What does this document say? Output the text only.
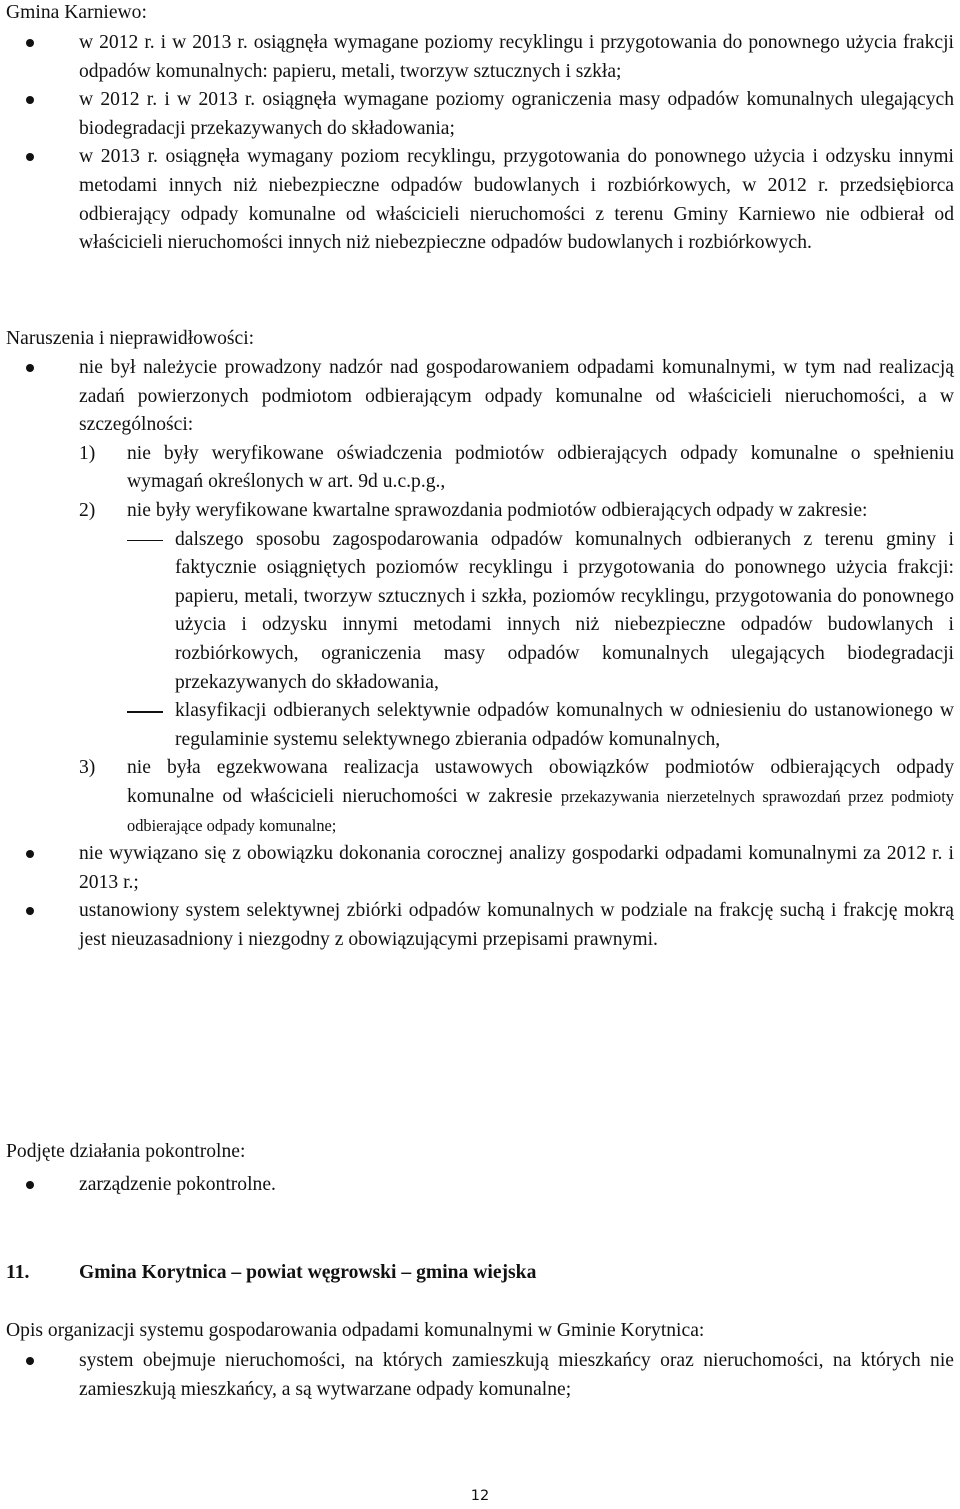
Gmina Karniewo:

w 2012 r. i w 2013 r. osiągnęła wymagane poziomy recyklingu i przygotowania do ponownego użycia frakcji odpadów komunalnych: papieru, metali, tworzyw sztucznych i szkła;
w 2012 r. i w 2013 r. osiągnęła wymagane poziomy ograniczenia masy odpadów komunalnych ulegających biodegradacji przekazywanych do składowania;
w 2013 r. osiągnęła wymagany poziom recyklingu, przygotowania do ponownego użycia i odzysku innymi metodami innych niż niebezpieczne odpadów budowlanych i rozbiórkowych, w 2012 r. przedsiębiorca odbierający odpady komunalne od właścicieli nieruchomości z terenu Gminy Karniewo nie odbierał od właścicieli nieruchomości innych niż niebezpieczne odpadów budowlanych i rozbiórkowych.

Naruszenia i nieprawidłowości:

nie był należycie prowadzony nadzór nad gospodarowaniem odpadami komunalnymi, w tym nad realizacją zadań powierzonych podmiotom odbierającym odpady komunalne od właścicieli nieruchomości, a w szczególności:

1) nie były weryfikowane oświadczenia podmiotów odbierających odpady komunalne o spełnieniu wymagań określonych w art. 9d u.c.p.g.,
2) nie były weryfikowane kwartalne sprawozdania podmiotów odbierających odpady w zakresie:

dalszego sposobu zagospodarowania odpadów komunalnych odbieranych z terenu gminy i faktycznie osiągniętych poziomów recyklingu i przygotowania do ponownego użycia frakcji: papieru, metali, tworzyw sztucznych i szkła, poziomów recyklingu, przygotowania do ponownego użycia i odzysku innymi metodami innych niż niebezpieczne odpadów budowlanych i rozbiórkowych, ograniczenia masy odpadów komunalnych ulegających biodegradacji przekazywanych do składowania,
klasyfikacji odbieranych selektywnie odpadów komunalnych w odniesieniu do ustanowionego w regulaminie systemu selektywnego zbierania odpadów komunalnych,
3) nie była egzekwowana realizacja ustawowych obowiązków podmiotów odbierających odpady komunalne od właścicieli nieruchomości w zakresie przekazywania nierzetelnych sprawozdań przez podmioty odbierające odpady komunalne;
nie wywiązano się z obowiązku dokonania corocznej analizy gospodarki odpadami komunalnymi za 2012 r. i 2013 r.;
ustanowiony system selektywnej zbiórki odpadów komunalnych w podziale na frakcję suchą i frakcję mokrą jest nieuzasadniony i niezgodny z obowiązującymi przepisami prawnymi.

Podjęte działania pokontrolne:

zarządzenie pokontrolne.

11.	Gmina Korytnica – powiat węgrowski – gmina wiejska

Opis organizacji systemu gospodarowania odpadami komunalnymi w Gminie Korytnica:

system obejmuje nieruchomości, na których zamieszkują mieszkańcy oraz nieruchomości, na których nie zamieszkują mieszkańcy, a są wytwarzane odpady komunalne;
12
